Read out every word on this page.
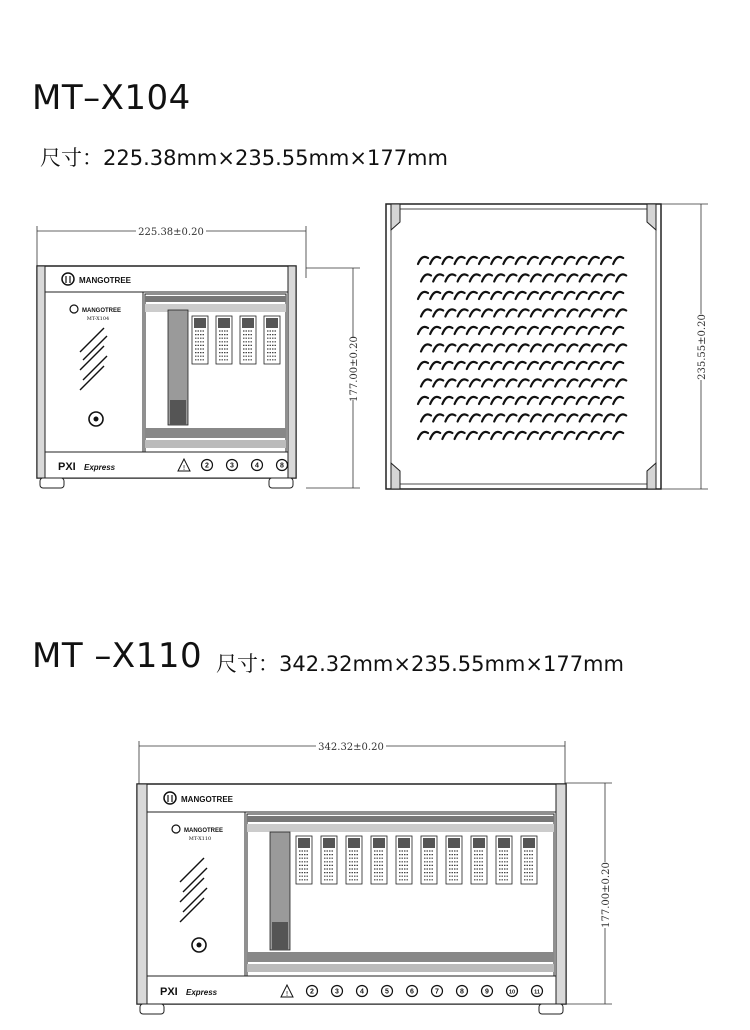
MT–X104
尺寸：225.38mm×235.55mm×177mm
225.38±0.20
177.00±0.20
MANGOTREE
MANGOTREE
MT-X104
PXI Express	!	2	3	4	8
235.55±0.20
342.32±0.20
177.00±0.20
MANGOTREE
MANGOTREE
MT-X110
PXI Express	!	2	3	4	5	6	7	8	9	10	11
MT –X110 尺寸：342.32mm×235.55mm×177mm
